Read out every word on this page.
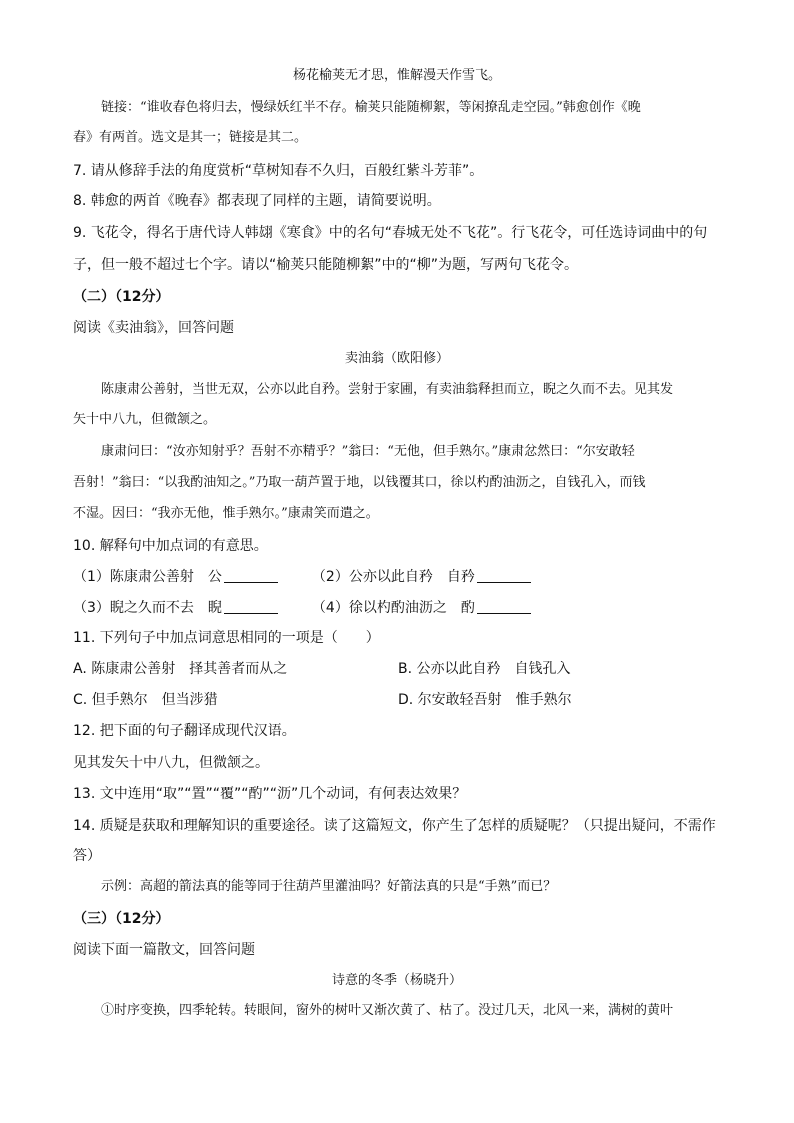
杨花榆荚无才思，惟解漫天作雪飞。
链接：“谁收春色将归去，慢绿妖红半不存。榆荚只能随柳絮，等闲撩乱走空园。”韩愈创作《晚
春》有两首。选文是其一；链接是其二。
7. 请从修辞手法的角度赏析“草树知春不久归，百般红紫斗芳菲”。
8. 韩愈的两首《晚春》都表现了同样的主题，请简要说明。
9. 飞花令，得名于唐代诗人韩翃《寒食》中的名句“春城无处不飞花”。行飞花令，可任选诗词曲中的句
子，但一般不超过七个字。请以“榆荚只能随柳絮”中的“柳”为题，写两句飞花令。
（二）（12分）
阅读《卖油翁》，回答问题
卖油翁（欧阳修）
陈康肃公善射，当世无双，公亦以此自矜。尝射于家圃，有卖油翁释担而立，睨之久而不去。见其发
矢十中八九，但微颔之。
康肃问曰：“汝亦知射乎？吾射不亦精乎？”翁曰：“无他，但手熟尔。”康肃忿然曰：“尔安敢轻
吾射！”翁曰：“以我酌油知之。”乃取一葫芦置于地，以钱覆其口，徐以杓酌油沥之，自钱孔入，而钱
不湿。因曰：“我亦无他，惟手熟尔。”康肃笑而遣之。
10. 解释句中加点词的有意思。
（1）陈康肃公善射　公	（2）公亦以此自矜　自矜
（3）睨之久而不去　睨	（4）徐以杓酌油沥之　酌
11. 下列句子中加点词意思相同的一项是（　　）
A. 陈康肃公善射　择其善者而从之	B. 公亦以此自矜　自钱孔入
C. 但手熟尔　但当涉猎	D. 尔安敢轻吾射　惟手熟尔
12. 把下面的句子翻译成现代汉语。
见其发矢十中八九，但微颔之。
13. 文中连用“取”“置”“覆”“酌”“沥”几个动词，有何表达效果？
14. 质疑是获取和理解知识的重要途径。读了这篇短文，你产生了怎样的质疑呢？（只提出疑问，不需作
答）
示例：高超的箭法真的能等同于往葫芦里灌油吗？好箭法真的只是“手熟”而已？
（三）（12分）
阅读下面一篇散文，回答问题
诗意的冬季（杨晓升）
①时序变换，四季轮转。转眼间，窗外的树叶又渐次黄了、枯了。没过几天，北风一来，满树的黄叶
